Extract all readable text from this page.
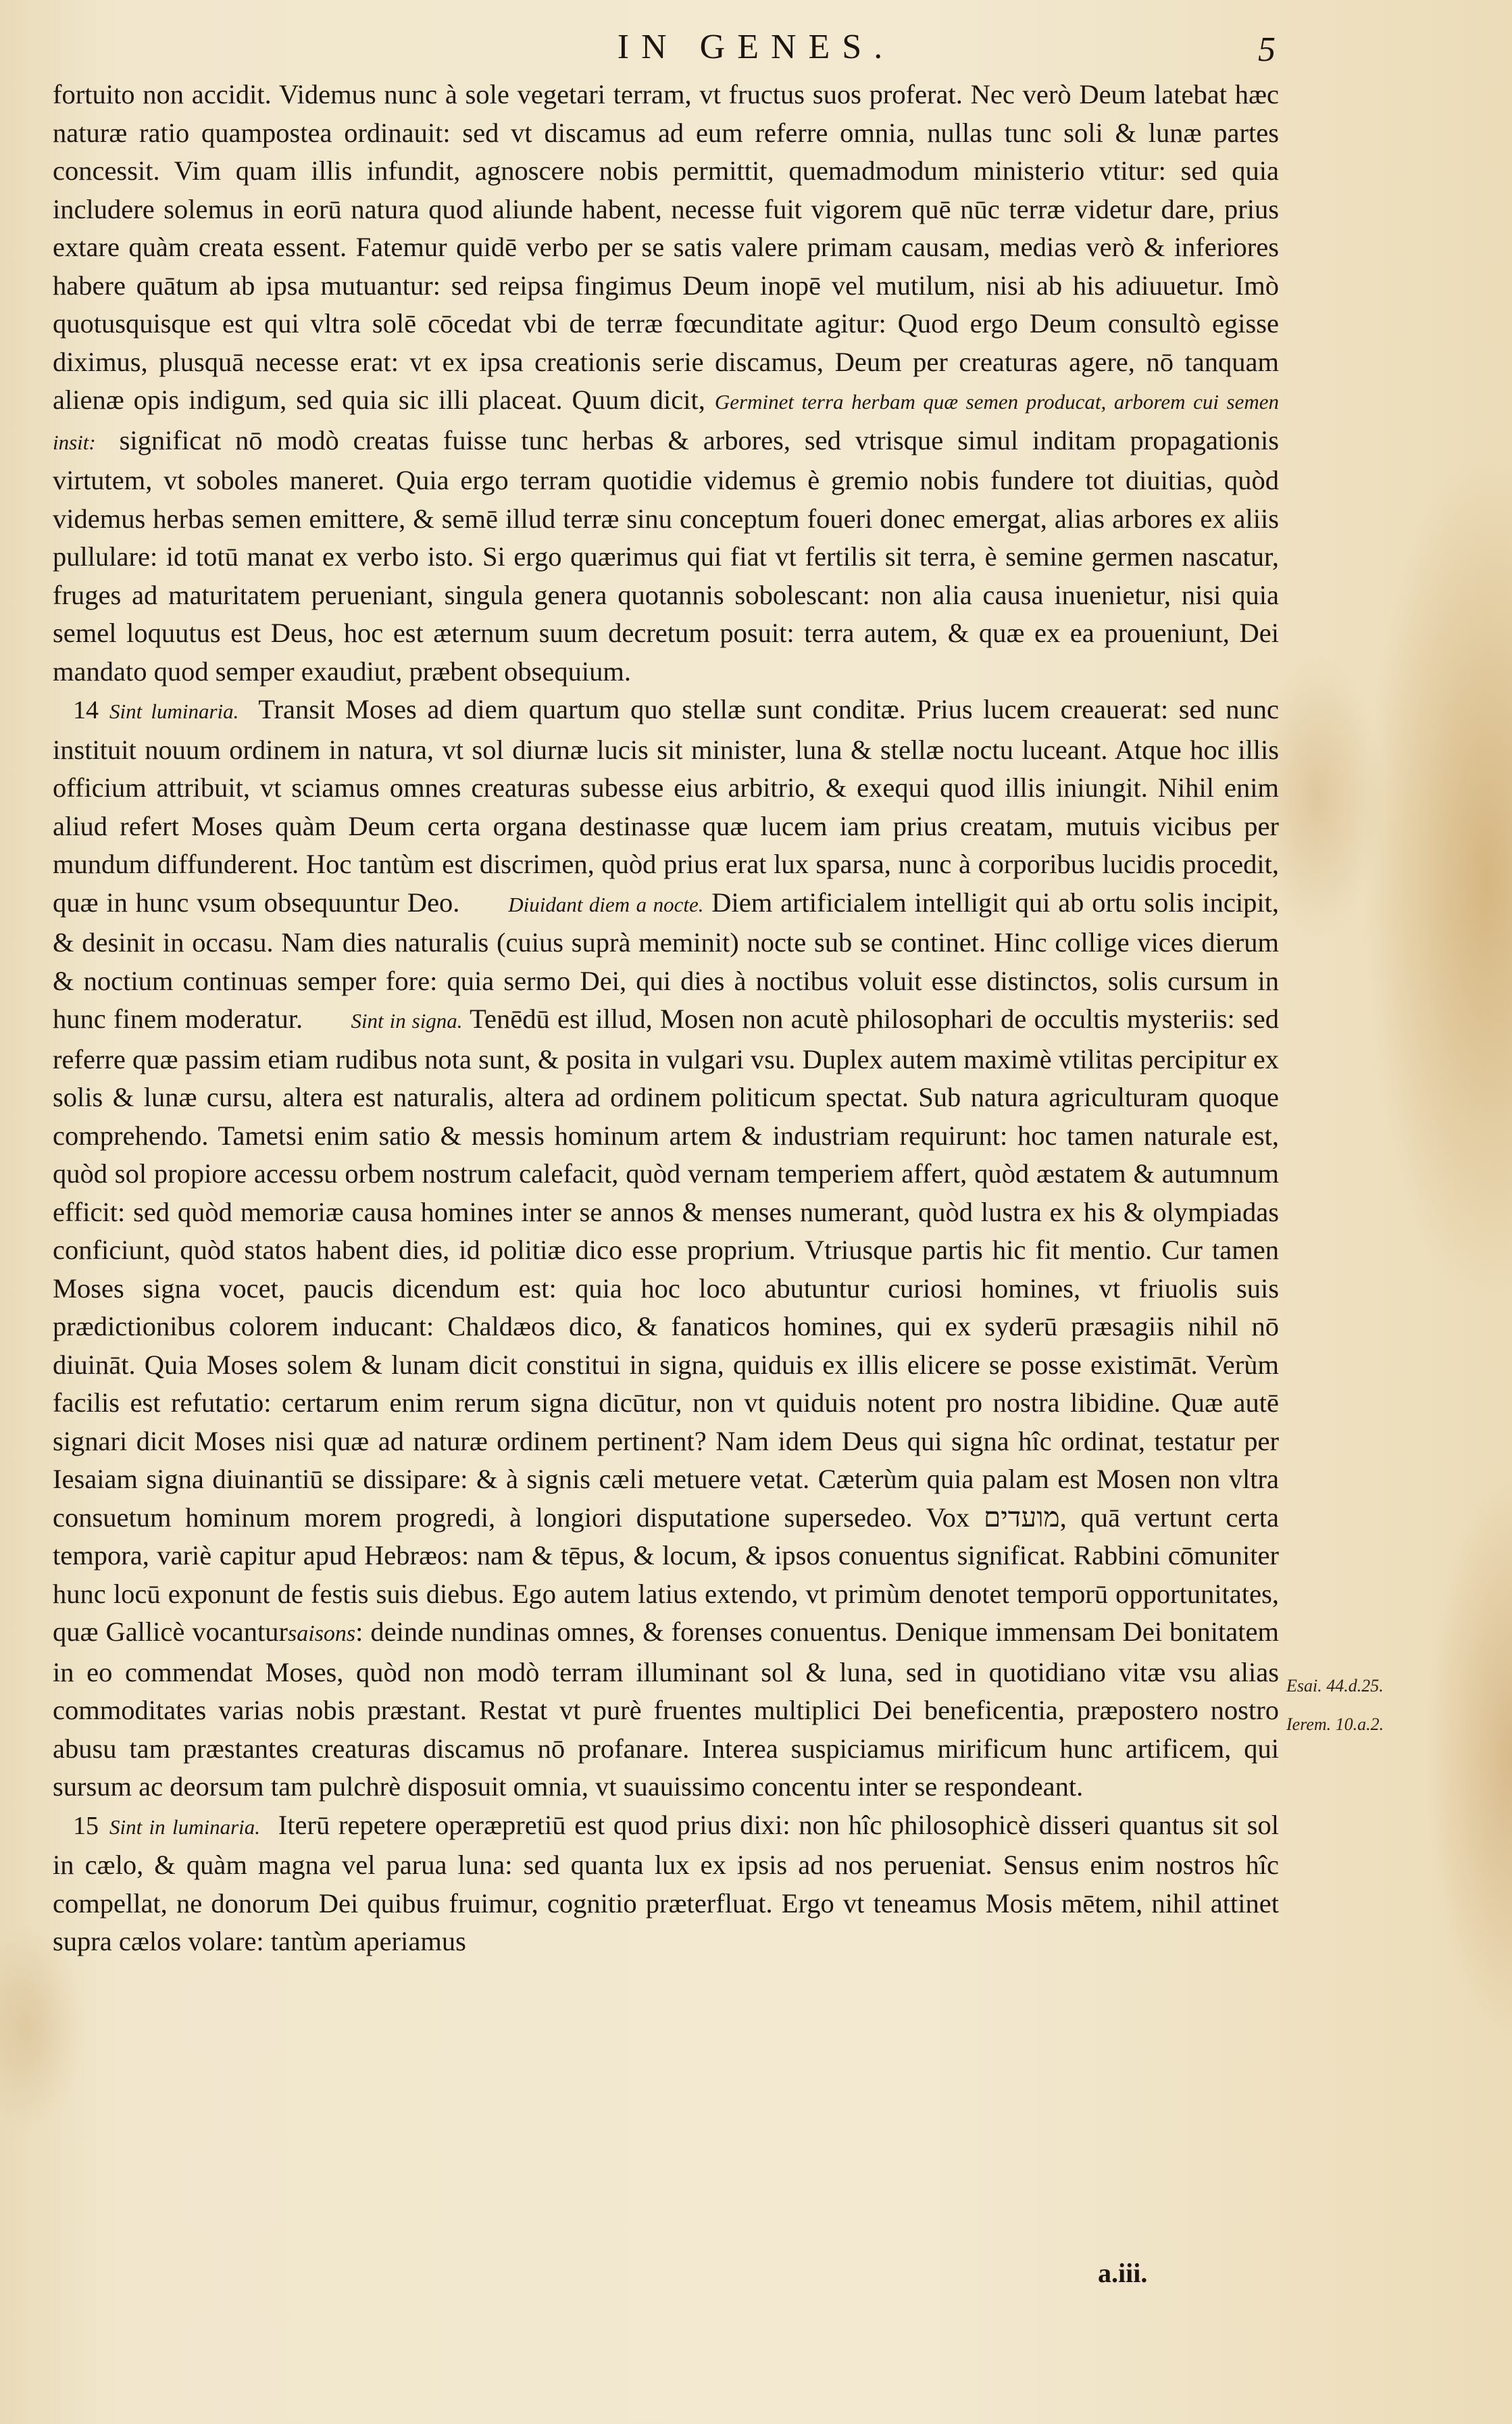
IN GENES.	5

fortuito non accidit. Videmus nunc à sole vegetari terram, vt fructus suos proferat. Nec verò Deum latebat hæc naturæ ratio quampostea ordinauit: sed vt discamus ad eum referre omnia, nullas tunc soli & lunæ partes concessit. Vim quam illis infundit, agnoscere nobis permittit, quemadmodum ministerio vtitur: sed quia includere solemus in eorū natura quod aliunde habent, necesse fuit vigorem quē nūc terræ videtur dare, prius extare quàm creata essent. Fatemur quidē verbo per se satis valere primam causam, medias verò & inferiores habere quātum ab ipsa mutuantur: sed reipsa fingimus Deum inopē vel mutilum, nisi ab his adiuuetur. Imò quotusquisque est qui vltra solē cōcedat vbi de terræ fœcunditate agitur: Quod ergo Deum consultò egisse diximus, plusquā necesse erat: vt ex ipsa creationis serie discamus, Deum per creaturas agere, nō tanquam alienæ opis indigum, sed quia sic illi placeat. Quum dicit, Germinet terra herbam quæ semen producat, arborem cui semen insit: significat nō modò creatas fuisse tunc herbas & arbores, sed vtrisque simul inditam propagationis virtutem, vt soboles maneret. Quia ergo terram quotidie videmus è gremio nobis fundere tot diuitias, quòd videmus herbas semen emittere, & semē illud terræ sinu conceptum foueri donec emergat, alias arbores ex aliis pullulare: id totū manat ex verbo isto. Si ergo quærimus qui fiat vt fertilis sit terra, è semine germen nascatur, fruges ad maturitatem perueniant, singula genera quotannis sobolescant: non alia causa inuenietur, nisi quia semel loquutus est Deus, hoc est æternum suum decretum posuit: terra autem, & quæ ex ea proueniunt, Dei mandato quod semper exaudiut, præbent obsequium.

14 Sint luminaria. Transit Moses ad diem quartum quo stellæ sunt conditæ. Prius lucem creauerat: sed nunc instituit nouum ordinem in natura, vt sol diurnæ lucis sit minister, luna & stellæ noctu luceant. Atque hoc illis officium attribuit, vt sciamus omnes creaturas subesse eius arbitrio, & exequi quod illis iniungit. Nihil enim aliud refert Moses quàm Deum certa organa destinasse quæ lucem iam prius creatam, mutuis vicibus per mundum diffunderent. Hoc tantùm est discrimen, quòd prius erat lux sparsa, nunc à corporibus lucidis procedit, quæ in hunc vsum obsequuntur Deo. Diuidant diem a nocte. Diem artificialem intelligit qui ab ortu solis incipit, & desinit in occasu. Nam dies naturalis (cuius suprà meminit) nocte sub se continet. Hinc collige vices dierum & noctium continuas semper fore: quia sermo Dei, qui dies à noctibus voluit esse distinctos, solis cursum in hunc finem moderatur. Sint in signa. Tenēdū est illud, Mosen non acutè philosophari de occultis mysteriis: sed referre quæ passim etiam rudibus nota sunt, & posita in vulgari vsu. Duplex autem maximè vtilitas percipitur ex solis & lunæ cursu, altera est naturalis, altera ad ordinem politicum spectat. Sub natura agriculturam quoque comprehendo. Tametsi enim satio & messis hominum artem & industriam requirunt: hoc tamen naturale est, quòd sol propiore accessu orbem nostrum calefacit, quòd vernam temperiem affert, quòd æstatem & autumnum efficit: sed quòd memoriæ causa homines inter se annos & menses numerant, quòd lustra ex his & olympiadas conficiunt, quòd statos habent dies, id politiæ dico esse proprium. Vtriusque partis hic fit mentio. Cur tamen Moses signa vocet, paucis dicendum est: quia hoc loco abutuntur curiosi homines, vt friuolis suis prædictionibus colorem inducant: Chaldæos dico, & fanaticos homines, qui ex syderū præsagiis nihil nō diuināt. Quia Moses solem & lunam dicit constitui in signa, quiduis ex illis elicere se posse existimāt. Verùm facilis est refutatio: certarum enim rerum signa dicūtur, non vt quiduis notent pro nostra libidine. Quæ autē signari dicit Moses nisi quæ ad naturæ ordinem pertinent? Nam idem Deus qui signa hîc ordinat, testatur per Iesaiam signa diuinantiū se dissipare: & à signis cæli metuere vetat. Cæterùm quia palam est Mosen non vltra consuetum hominum morem progredi, à longiori disputatione supersedeo. Vox מועדים, quā vertunt certa tempora, variè capitur apud Hebræos: nam & tēpus, & locum, & ipsos conuentus significat. Rabbini cōmuniter hunc locū exponunt de festis suis diebus. Ego autem latius extendo, vt primùm denotet temporū opportunitates, quæ Gallicè vocantursaisons: deinde nundinas omnes, & forenses conuentus. Denique immensam Dei bonitatem in eo commendat Moses, quòd non modò terram illuminant sol & luna, sed in quotidiano vitæ vsu alias commoditates varias nobis præstant. Restat vt purè fruentes multiplici Dei beneficentia, præpostero nostro abusu tam præstantes creaturas discamus nō profanare. Interea suspiciamus mirificum hunc artificem, qui sursum ac deorsum tam pulchrè disposuit omnia, vt suauissimo concentu inter se respondeant.

15 Sint in luminaria. Iterū repetere operæpretiū est quod prius dixi: non hîc philosophicè disseri quantus sit sol in cælo, & quàm magna vel parua luna: sed quanta lux ex ipsis ad nos perueniat. Sensus enim nostros hîc compellat, ne donorum Dei quibus fruimur, cognitio præterfluat. Ergo vt teneamus Mosis mētem, nihil attinet supra cælos volare: tantùm aperiamus

Esai. 44.d.25.
Ierem. 10.a.2.
a.iii.
